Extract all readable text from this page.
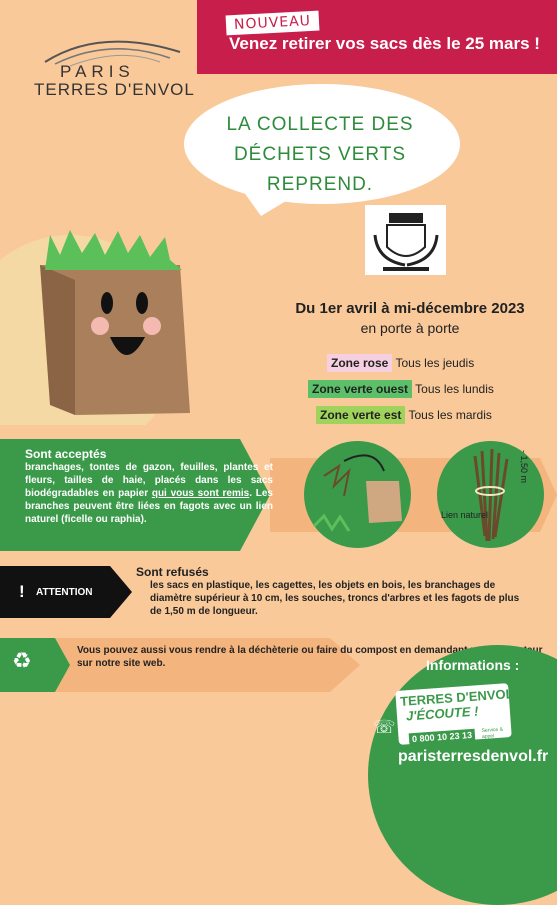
NOUVEAU
Venez retirer vos sacs dès le 25 mars !
PARIS
TERRES D'ENVOL
LA COLLECTE DES DÉCHETS VERTS REPREND.
Du 1er avril à mi-décembre 2023
en porte à porte
Zone rose Tous les jeudis
Zone verte ouest Tous les lundis
Zone verte est Tous les mardis
Sont acceptés
branchages, tontes de gazon, feuilles, plantes et fleurs, tailles de haie, placés dans les sacs biodégradables en papier qui vous sont remis. Les branches peuvent être liées en fagots avec un lien naturel (ficelle ou raphia).	Lien naturel
- 1,50 m
! ATTENTION
Sont refusés
les sacs en plastique, les cagettes, les objets en bois, les branchages de diamètre supérieur à 10 cm, les souches, troncs d'arbres et les fagots de plus de 1,50 m de longueur.
♻	Vous pouvez aussi vous rendre à la déchèterie ou faire du compost en demandant un composteur sur notre site web.	Informations :
TERRES D'ENVOL
J'ÉCOUTE !
0 800 10 23 13	Service & appel gratuits
☏
paristerresdenvol.fr
